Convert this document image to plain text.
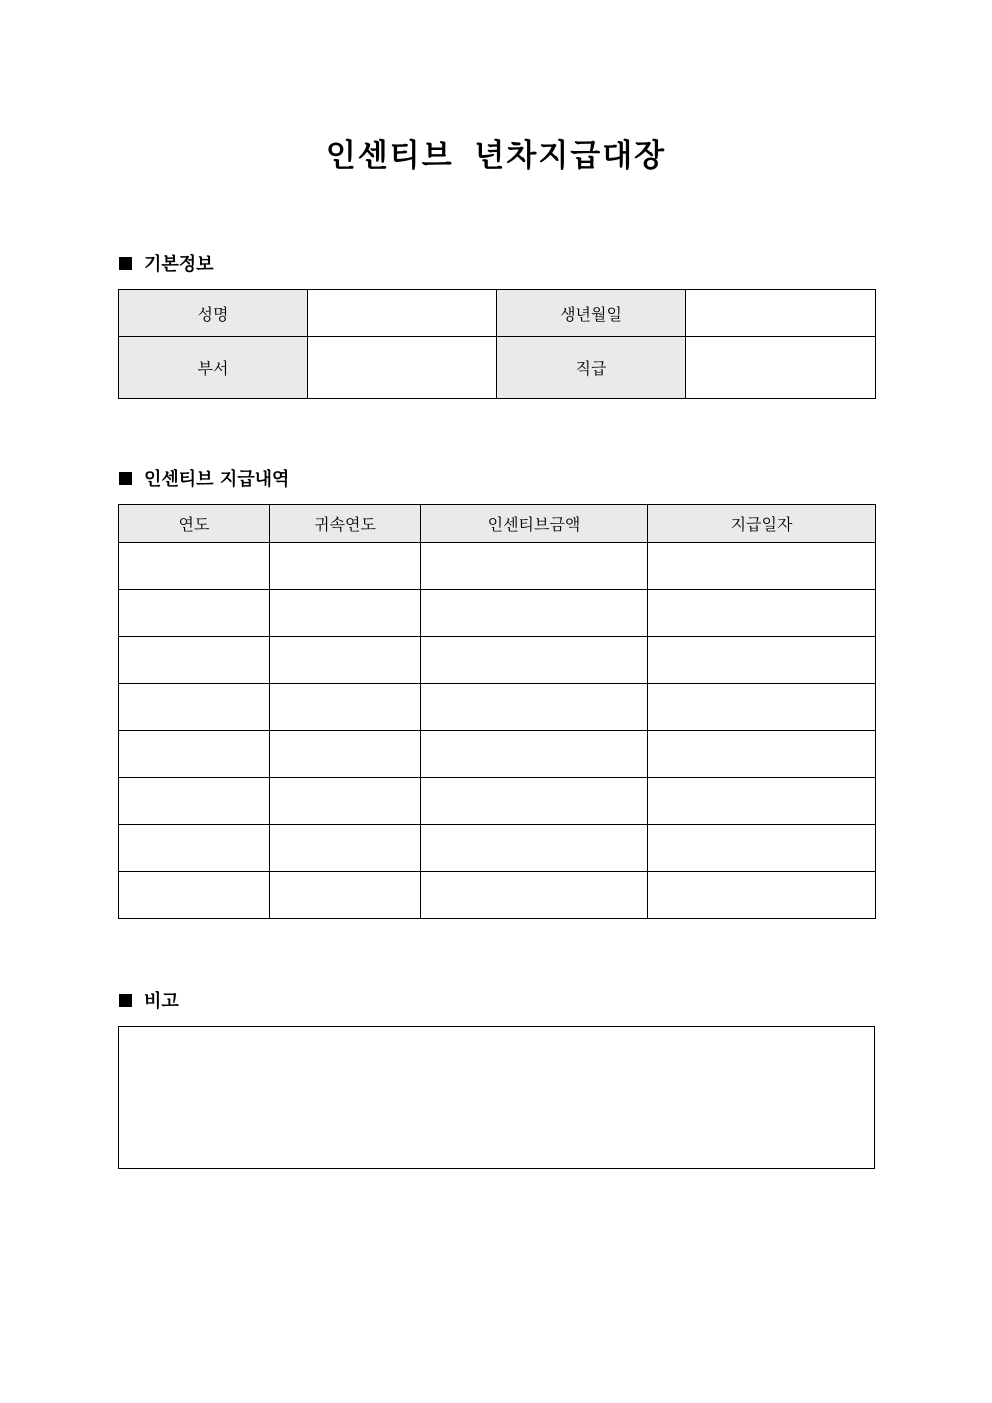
인센티브 년차지급대장
기본정보
성명		생년월일	
부서		직급	
인센티브 지급내역
연도	귀속연도	인센티브금액	지급일자

비고
